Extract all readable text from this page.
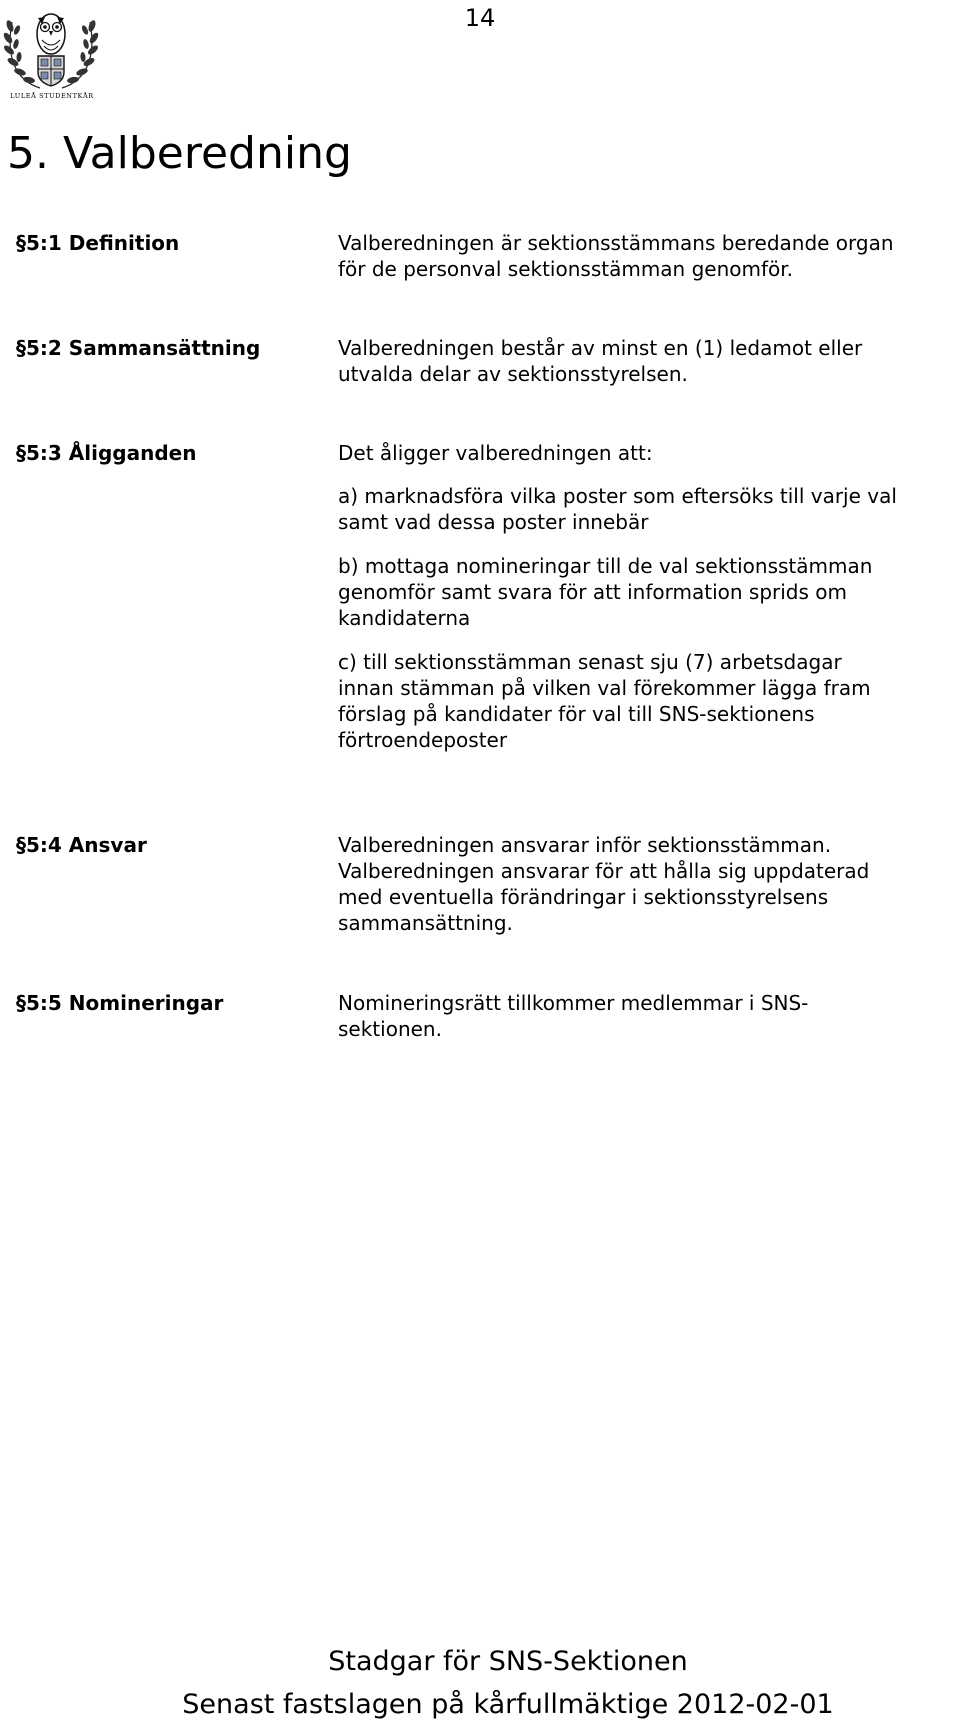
14
LULEÅ STUDENTKÅR
5. Valberedning
§5:1 Definition	Valberedningen är sektionsstämmans beredande organ

för de personval sektionsstämman genomför.

§5:2 Sammansättning	Valberedningen består av minst en (1) ledamot eller

utvalda delar av sektionsstyrelsen.

§5:3 Åligganden	Det åligger valberedningen att:

a) marknadsföra vilka poster som eftersöks till varje val

samt vad dessa poster innebär

b) mottaga nomineringar till de val sektionsstämman

genomför samt svara för att information sprids om

kandidaterna

c) till sektionsstämman senast sju (7) arbetsdagar

innan stämman på vilken val förekommer lägga fram

förslag på kandidater för val till SNS-sektionens

förtroendeposter

§5:4 Ansvar	Valberedningen ansvarar inför sektionsstämman.

Valberedningen ansvarar för att hålla sig uppdaterad

med eventuella förändringar i sektionsstyrelsens

sammansättning.

§5:5 Nomineringar	Nomineringsrätt tillkommer medlemmar i SNS-

sektionen.

Stadgar för SNS-Sektionen
Senast fastslagen på kårfullmäktige 2012-02-01
